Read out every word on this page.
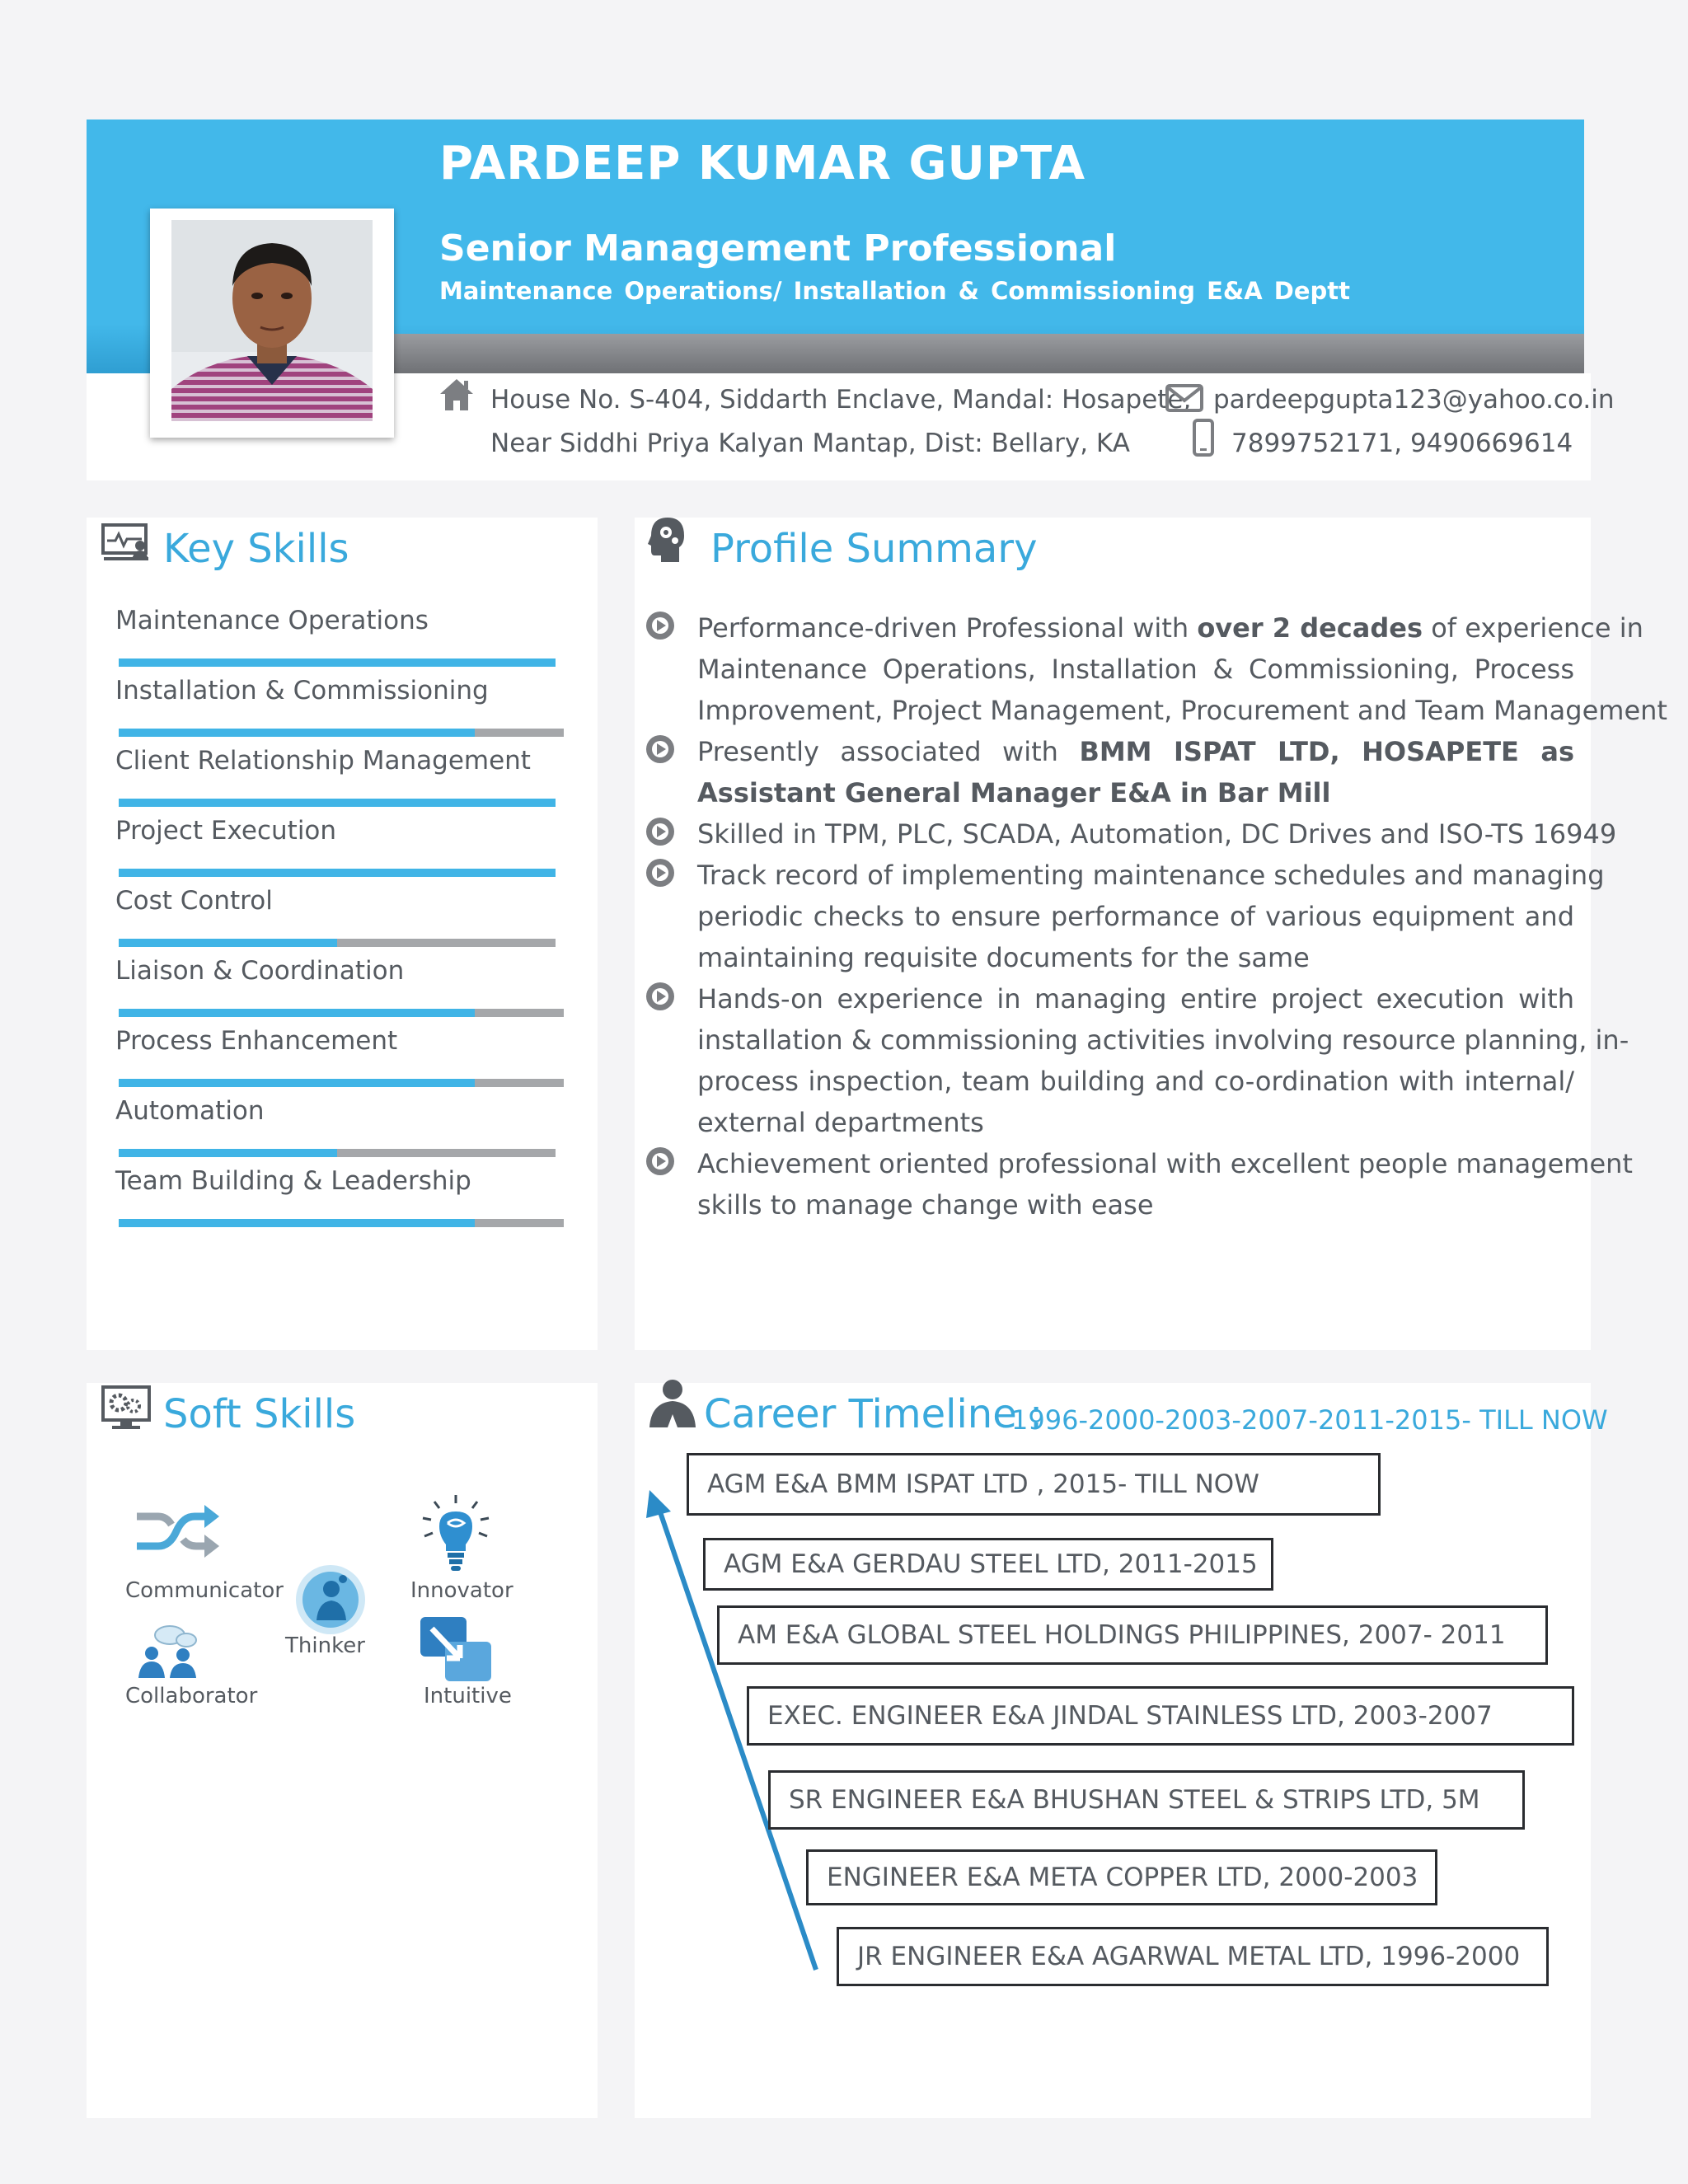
PARDEEP KUMAR GUPTA
Senior Management Professional
Maintenance Operations/ Installation & Commissioning E&A Deptt
House No. S-404, Siddarth Enclave, Mandal: Hosapete,
Near Siddhi Priya Kalyan Mantap, Dist: Bellary, KA
pardeepgupta123@yahoo.co.in
7899752171, 9490669614
Key Skills
Maintenance Operations
Installation & Commissioning
Client Relationship Management
Project Execution
Cost Control
Liaison & Coordination
Process Enhancement
Automation
Team Building & Leadership
Profile Summary
Performance-driven Professional with over 2 decades of experience in
Maintenance Operations, Installation & Commissioning, Process
Improvement, Project Management, Procurement and Team Management
Presently associated with BMM ISPAT LTD, HOSAPETE as
Assistant General Manager E&A in Bar Mill
Skilled in TPM, PLC, SCADA, Automation, DC Drives and ISO-TS 16949
Track record of implementing maintenance schedules and managing
periodic checks to ensure performance of various equipment and
maintaining requisite documents for the same
Hands-on experience in managing entire project execution with
installation & commissioning activities involving resource planning, in-
process inspection, team building and co-ordination with internal/
external departments
Achievement oriented professional with excellent people management
skills to manage change with ease
Soft Skills
Communicator
Thinker
Innovator
Collaborator	Intuitive
Career Timeline :
1996-2000-2003-2007-2011-2015- TILL NOW
AGM E&A BMM ISPAT LTD , 2015- TILL NOW
AGM E&A GERDAU STEEL LTD, 2011-2015
AM E&A GLOBAL STEEL HOLDINGS PHILIPPINES, 2007- 2011
EXEC. ENGINEER E&A JINDAL STAINLESS LTD, 2003-2007
SR ENGINEER E&A BHUSHAN STEEL & STRIPS LTD, 5M
ENGINEER E&A META COPPER LTD, 2000-2003
JR ENGINEER E&A AGARWAL METAL LTD, 1996-2000
